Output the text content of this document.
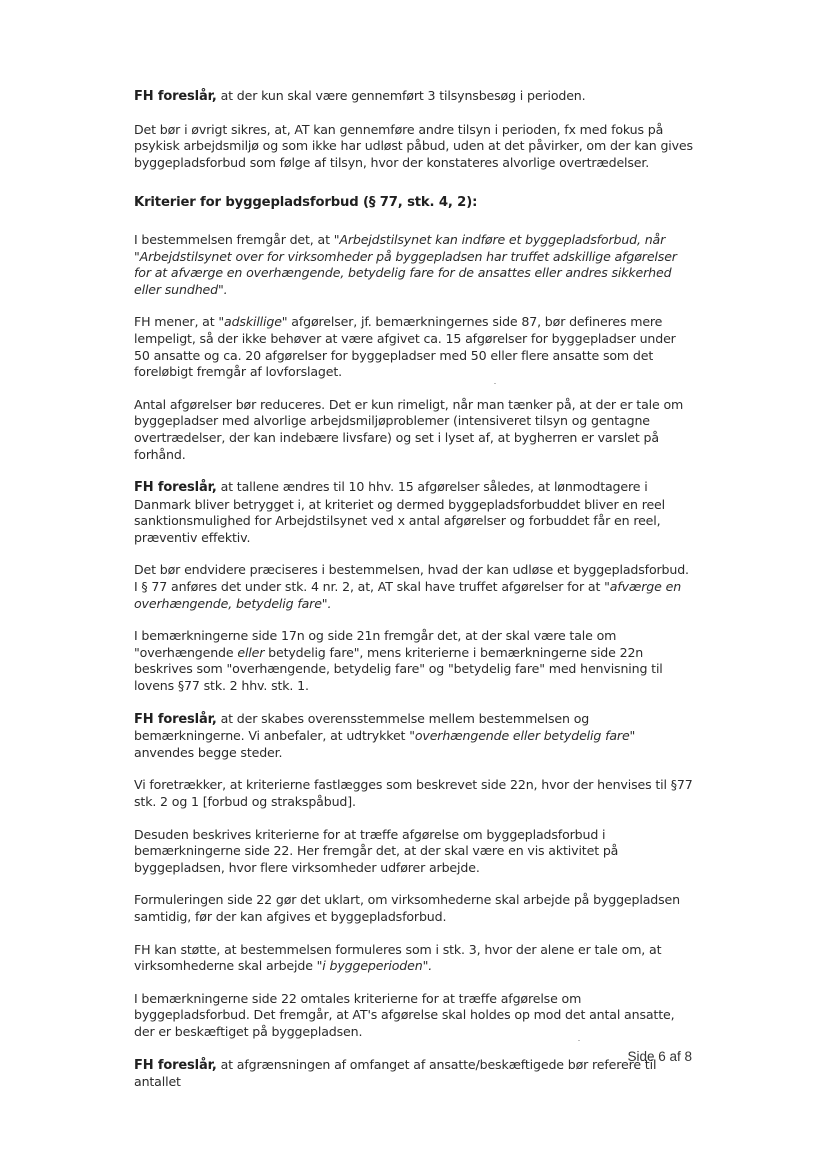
FH foreslår, at der kun skal være gennemført 3 tilsynsbesøg i perioden.

Det bør i øvrigt sikres, at, AT kan gennemføre andre tilsyn i perioden, fx med fokus på psykisk arbejdsmiljø og som ikke har udløst påbud, uden at det påvirker, om der kan gives byggepladsforbud som følge af tilsyn, hvor der konstateres alvorlige overtrædelser.

Kriterier for byggepladsforbud (§ 77, stk. 4, 2):

I bestemmelsen fremgår det, at "Arbejdstilsynet kan indføre et byggepladsforbud, når "Arbejdstilsynet over for virksomheder på byggepladsen har truffet adskillige afgørelser for at afværge en overhængende, betydelig fare for de ansattes eller andres sikkerhed eller sundhed".

FH mener, at "adskillige" afgørelser, jf. bemærkningernes side 87, bør defineres mere lempeligt, så der ikke behøver at være afgivet ca. 15 afgørelser for byggepladser under 50 ansatte og ca. 20 afgørelser for byggepladser med 50 eller flere ansatte som det foreløbigt fremgår af lovforslaget.

Antal afgørelser bør reduceres. Det er kun rimeligt, når man tænker på, at der er tale om byggepladser med alvorlige arbejdsmiljøproblemer (intensiveret tilsyn og gentagne overtrædelser, der kan indebære livsfare) og set i lyset af, at bygherren er varslet på forhånd.

FH foreslår, at tallene ændres til 10 hhv. 15 afgørelser således, at lønmodtagere i Danmark bliver betrygget i, at kriteriet og dermed byggepladsforbuddet bliver en reel sanktionsmulighed for Arbejdstilsynet ved x antal afgørelser og forbuddet får en reel, præventiv effektiv.

Det bør endvidere præciseres i bestemmelsen, hvad der kan udløse et byggepladsforbud. I § 77 anføres det under stk. 4 nr. 2, at, AT skal have truffet afgørelser for at "afværge en overhængende, betydelig fare".

I bemærkningerne side 17n og side 21n fremgår det, at der skal være tale om "overhængende eller betydelig fare", mens kriterierne i bemærkningerne side 22n beskrives som "overhængende, betydelig fare" og "betydelig fare" med henvisning til lovens §77 stk. 2 hhv. stk. 1.

FH foreslår, at der skabes overensstemmelse mellem bestemmelsen og bemærkningerne. Vi anbefaler, at udtrykket "overhængende eller betydelig fare" anvendes begge steder.

Vi foretrækker, at kriterierne fastlægges som beskrevet side 22n, hvor der henvises til §77 stk. 2 og 1 [forbud og strakspåbud].

Desuden beskrives kriterierne for at træffe afgørelse om byggepladsforbud i bemærkningerne side 22. Her fremgår det, at der skal være en vis aktivitet på byggepladsen, hvor flere virksomheder udfører arbejde.

Formuleringen side 22 gør det uklart, om virksomhederne skal arbejde på byggepladsen samtidig, før der kan afgives et byggepladsforbud.

FH kan støtte, at bestemmelsen formuleres som i stk. 3, hvor der alene er tale om, at virksomhederne skal arbejde "i byggeperioden".

I bemærkningerne side 22 omtales kriterierne for at træffe afgørelse om byggepladsforbud. Det fremgår, at AT's afgørelse skal holdes op mod det antal ansatte, der er beskæftiget på byggepladsen.

FH foreslår, at afgrænsningen af omfanget af ansatte/beskæftigede bør referere til antallet

Side 6 af 8
